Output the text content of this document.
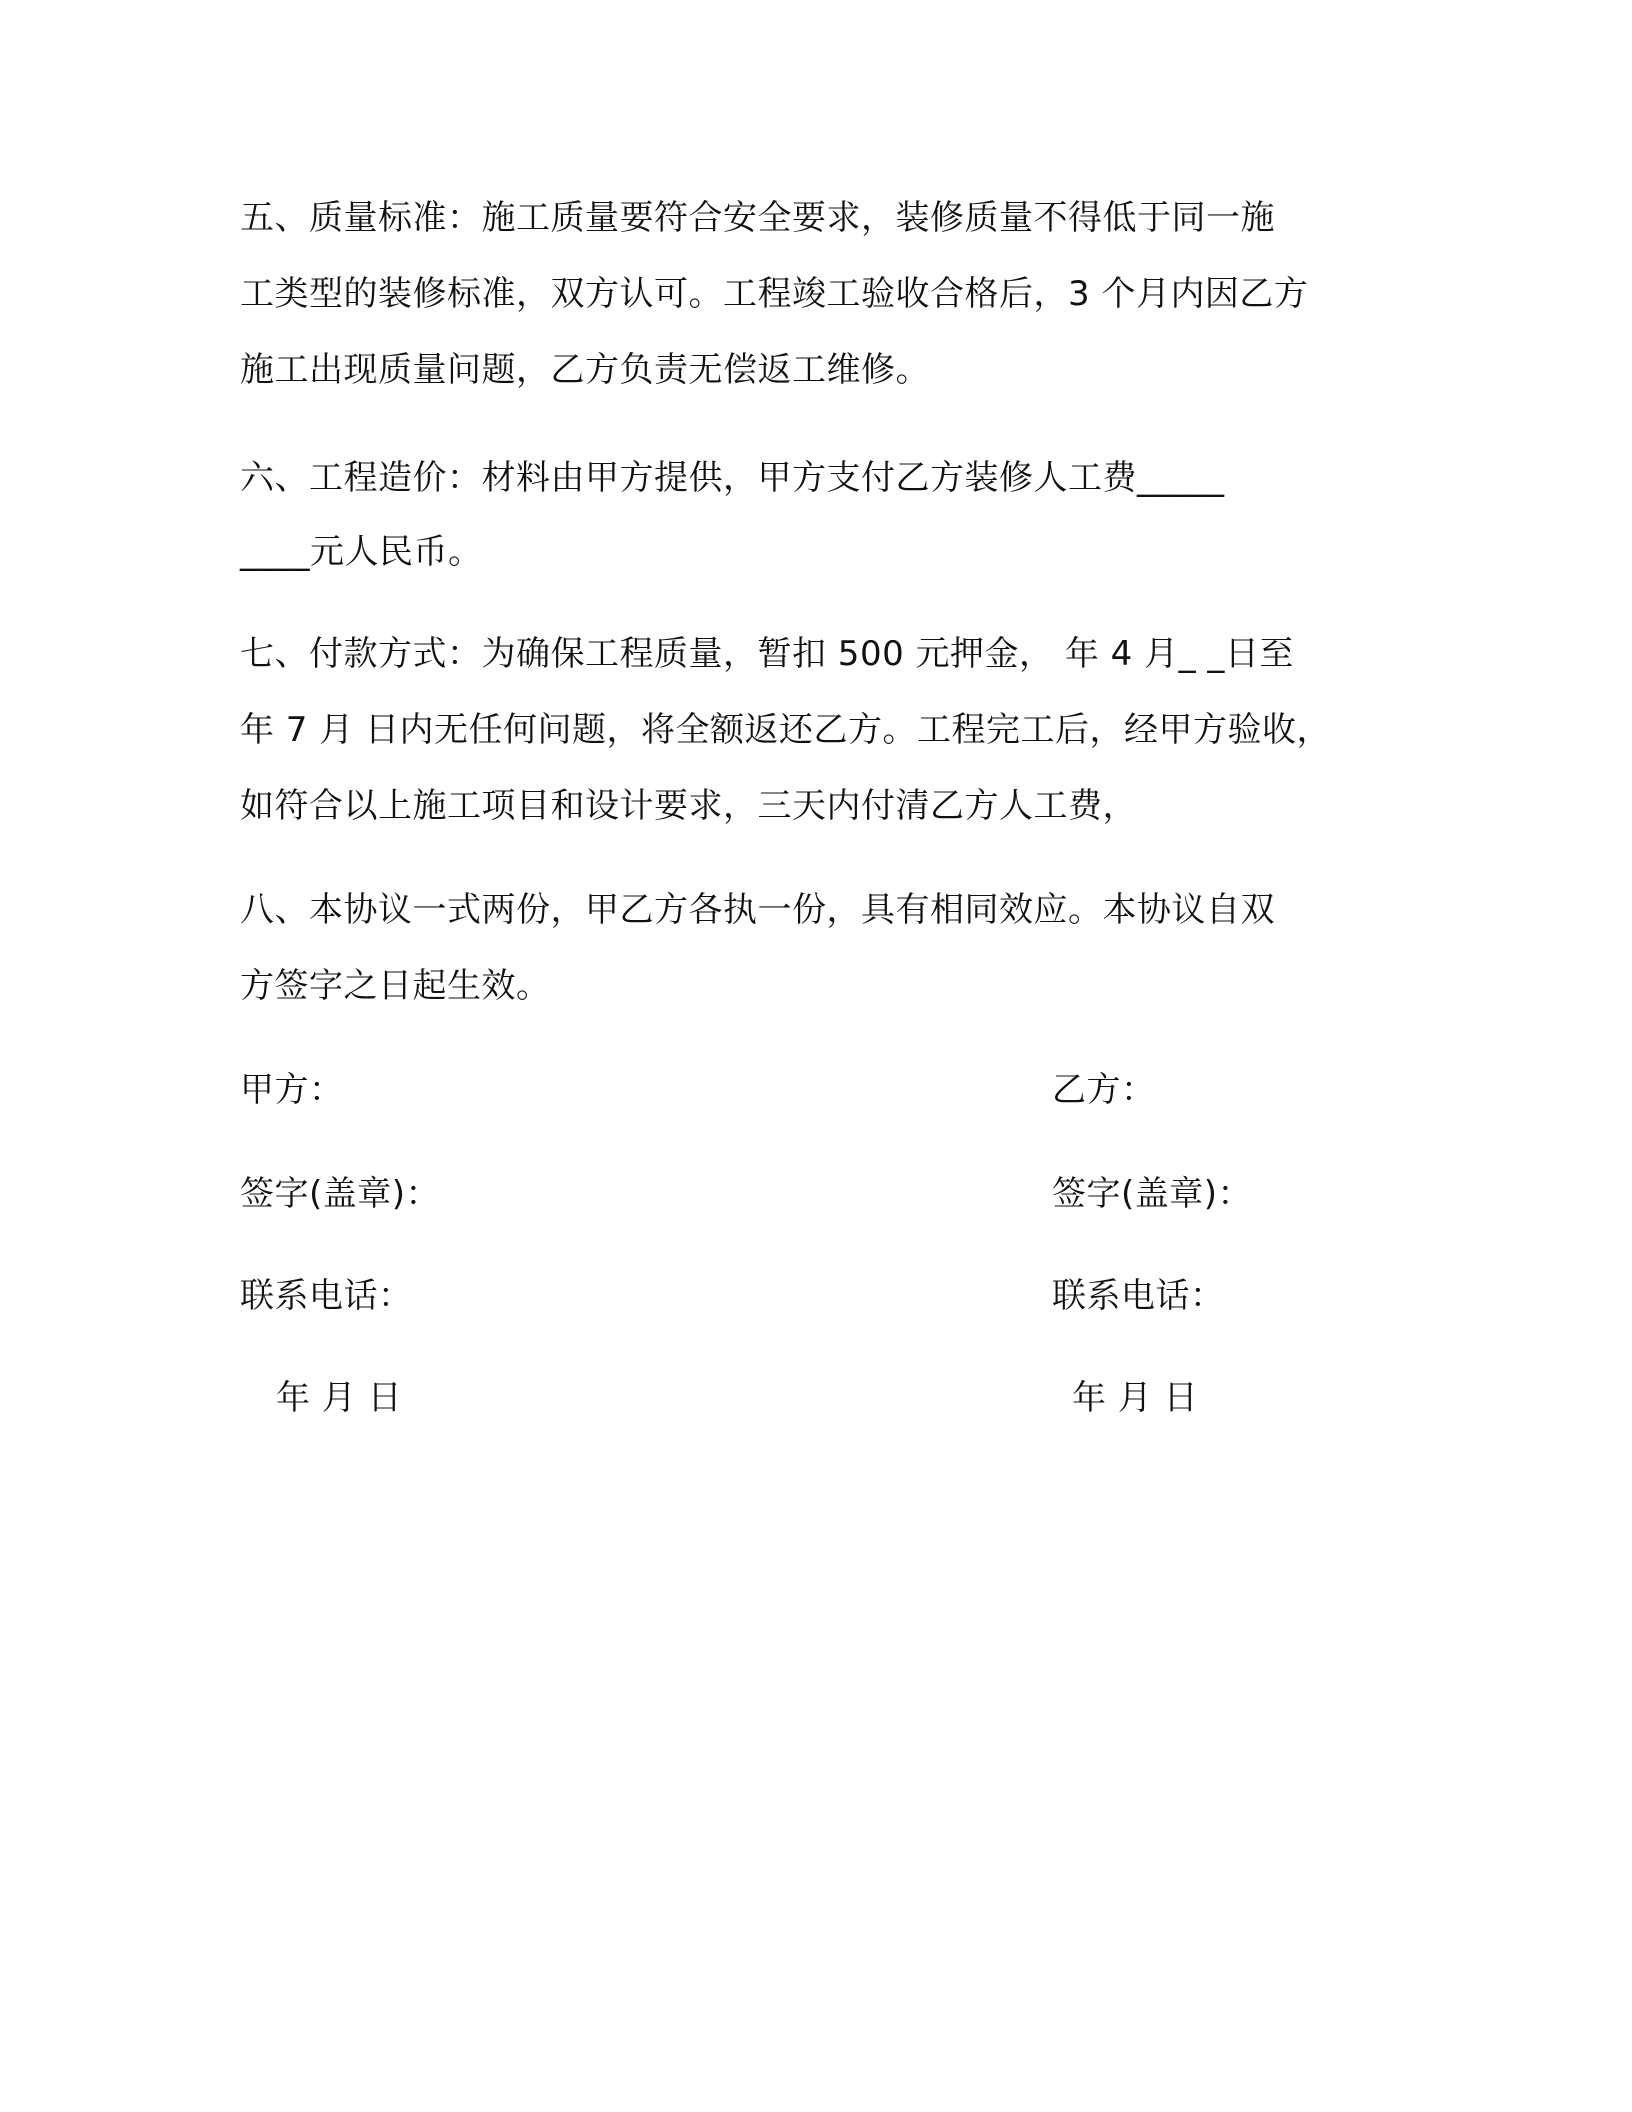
五、质量标准：施工质量要符合安全要求，装修质量不得低于同一施
工类型的装修标准，双方认可。工程竣工验收合格后，3 个月内因乙方
施工出现质量问题，乙方负责无偿返工维修。
六、工程造价：材料由甲方提供，甲方支付乙方装修人工费_____
____元人民币。
七、付款方式：为确保工程质量，暂扣 500 元押金， 年 4 月_ _日至
年 7 月 日内无任何问题，将全额返还乙方。工程完工后，经甲方验收，
如符合以上施工项目和设计要求，三天内付清乙方人工费，
八、本协议一式两份，甲乙方各执一份，具有相同效应。本协议自双
方签字之日起生效。
甲方：	乙方：
签字(盖章)：	签字(盖章)：
联系电话：	联系电话：
年 月 日	年 月 日
